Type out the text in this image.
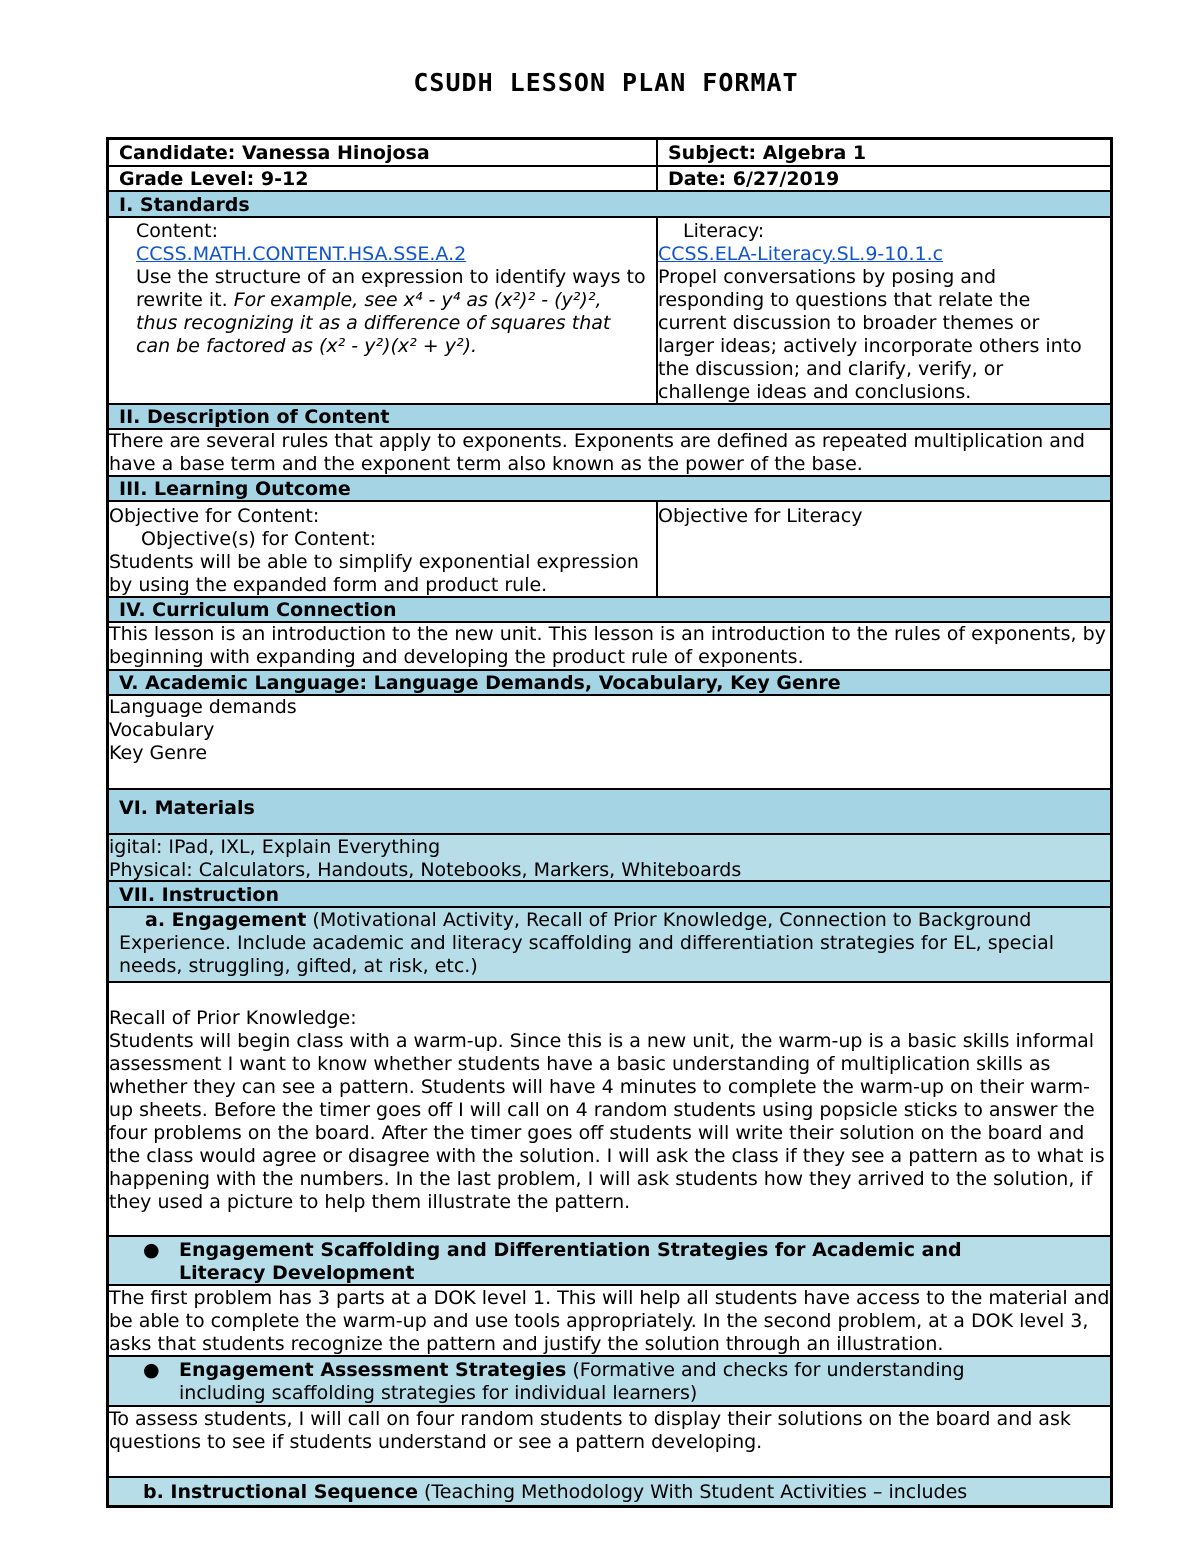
CSUDH LESSON PLAN FORMAT
Candidate: Vanessa Hinojosa	Subject: Algebra 1
Grade Level: 9-12	Date: 6/27/2019
I. Standards
Content:
CCSS.MATH.CONTENT.HSA.SSE.A.2
Use the structure of an expression to identify ways to rewrite it. For example, see x⁴ - y⁴ as (x²)² - (y²)², thus recognizing it as a difference of squares that can be factored as (x² - y²)(x² + y²).
Literacy:
CCSS.ELA-Literacy.SL.9-10.1.c
Propel conversations by posing and responding to questions that relate the current discussion to broader themes or larger ideas; actively incorporate others into the discussion; and clarify, verify, or challenge ideas and conclusions.
II. Description of Content
There are several rules that apply to exponents. Exponents are defined as repeated multiplication and have a base term and the exponent term also known as the power of the base.
III. Learning Outcome
Objective for Content:
Objective(s) for Content:
Students will be able to simplify exponential expression by using the expanded form and product rule.
Objective for Literacy
IV. Curriculum Connection
This lesson is an introduction to the new unit. This lesson is an introduction to the rules of exponents, by beginning with expanding and developing the product rule of exponents.
V. Academic Language: Language Demands, Vocabulary, Key Genre
Language demands
Vocabulary
Key Genre
VI. Materials
igital: IPad, IXL, Explain Everything
Physical: Calculators, Handouts, Notebooks, Markers, Whiteboards
VII. Instruction
a. Engagement (Motivational Activity, Recall of Prior Knowledge, Connection to Background Experience. Include academic and literacy scaffolding and differentiation strategies for EL, special needs, struggling, gifted, at risk, etc.)
Recall of Prior Knowledge:
Students will begin class with a warm-up. Since this is a new unit, the warm-up is a basic skills informal assessment I want to know whether students have a basic understanding of multiplication skills as whether they can see a pattern. Students will have 4 minutes to complete the warm-up on their warm-up sheets. Before the timer goes off I will call on 4 random students using popsicle sticks to answer the four problems on the board. After the timer goes off students will write their solution on the board and the class would agree or disagree with the solution. I will ask the class if they see a pattern as to what is happening with the numbers. In the last problem, I will ask students how they arrived to the solution, if they used a picture to help them illustrate the pattern.
●	Engagement Scaffolding and Differentiation Strategies for Academic and Literacy Development
The first problem has 3 parts at a DOK level 1. This will help all students have access to the material and be able to complete the warm-up and use tools appropriately. In the second problem, at a DOK level 3, asks that students recognize the pattern and justify the solution through an illustration.
●	Engagement Assessment Strategies (Formative and checks for understanding including scaffolding strategies for individual learners)
To assess students, I will call on four random students to display their solutions on the board and ask questions to see if students understand or see a pattern developing.
b. Instructional Sequence (Teaching Methodology With Student Activities – includes
